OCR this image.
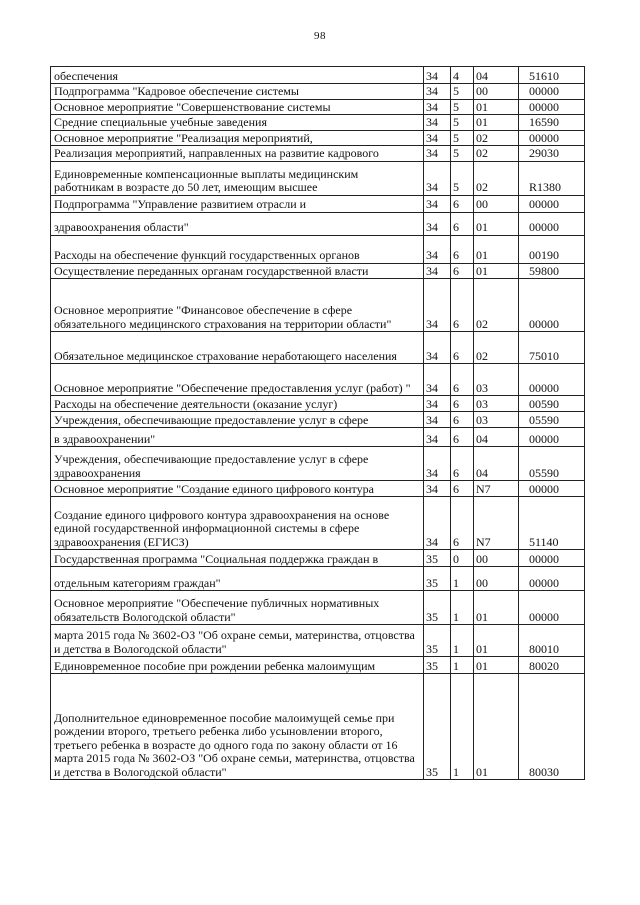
98
обеспечения	34	4	04	51610
Подпрограмма "Кадровое обеспечение системы	34	5	00	00000
Основное мероприятие "Совершенствование системы	34	5	01	00000
Средние специальные учебные заведения	34	5	01	16590
Основное мероприятие "Реализация мероприятий,	34	5	02	00000
Реализация мероприятий, направленных на развитие кадрового	34	5	02	29030
Единовременные компенсационные выплаты медицинским работникам в возрасте до 50 лет, имеющим высшее	34	5	02	R1380
Подпрограмма "Управление развитием отрасли и	34	6	00	00000
здравоохранения области"	34	6	01	00000
Расходы на обеспечение функций государственных органов	34	6	01	00190
Осуществление переданных органам государственной власти	34	6	01	59800
Основное мероприятие "Финансовое обеспечение в сфере обязательного медицинского страхования на территории области"	34	6	02	00000
Обязательное медицинское страхование неработающего населения	34	6	02	75010
Основное мероприятие "Обеспечение предоставления услуг (работ) "	34	6	03	00000
Расходы на обеспечение деятельности (оказание услуг)	34	6	03	00590
Учреждения, обеспечивающие предоставление услуг в сфере	34	6	03	05590
в здравоохранении"	34	6	04	00000
Учреждения, обеспечивающие предоставление услуг в сфере здравоохранения	34	6	04	05590
Основное мероприятие "Создание единого цифрового контура	34	6	N7	00000
Создание единого цифрового контура здравоохранения на основе единой государственной информационной системы в сфере здравоохранения (ЕГИСЗ)	34	6	N7	51140
Государственная программа "Социальная поддержка граждан в	35	0	00	00000
отдельным категориям граждан"	35	1	00	00000
Основное мероприятие "Обеспечение публичных нормативных обязательств Вологодской области"	35	1	01	00000
марта 2015 года № 3602-ОЗ "Об охране семьи, материнства, отцовства и детства в Вологодской области"	35	1	01	80010
Единовременное пособие при рождении ребенка малоимущим	35	1	01	80020
Дополнительное единовременное пособие малоимущей семье при рождении второго, третьего ребенка либо усыновлении второго, третьего ребенка в возрасте до одного года по закону области от 16 марта 2015 года № 3602-ОЗ "Об охране семьи, материнства, отцовства и детства в Вологодской области"	35	1	01	80030
